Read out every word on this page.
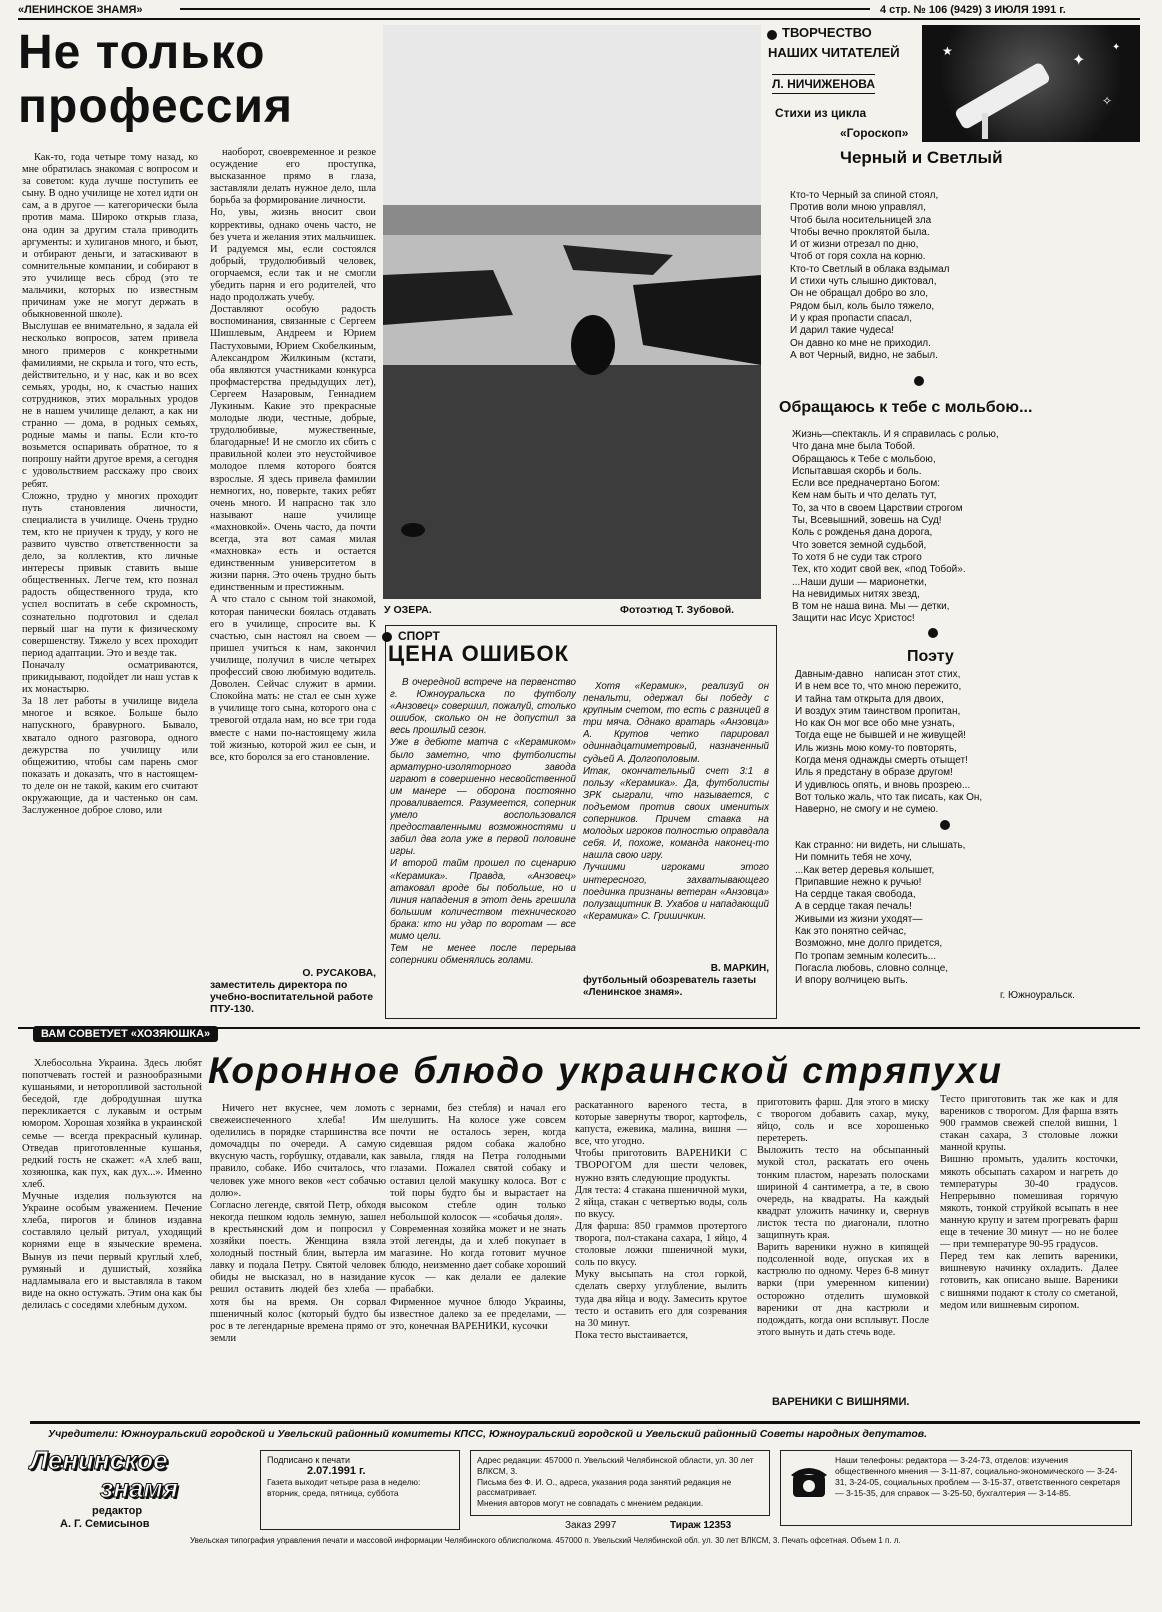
«ЛЕНИНСКОЕ ЗНАМЯ»	4 стр. № 106 (9429) 3 ИЮЛЯ 1991 г.
Не только профессия

Как-то, года четыре тому назад, ко мне обратилась знакомая с вопросом и за советом: куда лучше поступить ее сыну. В одно училище не хотел идти он сам, а в другое — категорически была против мама. Широко открыв глаза, она один за другим стала приводить аргументы: и хулиганов много, и бьют, и отбирают деньги, и затаскивают в сомнительные компании, и собирают в это училище весь сброд (это те мальчики, которых по известным причинам уже не могут держать в обыкновенной школе).
Выслушав ее внимательно, я задала ей несколько вопросов, затем привела много примеров с конкретными фамилиями, не скрыла и того, что есть, действительно, и у нас, как и во всех семьях, уроды, но, к счастью наших сотрудников, этих моральных уродов не в нашем училище делают, а как ни странно — дома, в родных семьях, родные мамы и папы. Если кто-то возьмется оспаривать обратное, то я попрошу найти другое время, а сегодня с удовольствием расскажу про своих ребят.
Сложно, трудно у многих проходит путь становления личности, специалиста в училище. Очень трудно тем, кто не приучен к труду, у кого не развито чувство ответственности за дело, за коллектив, кто личные интересы привык ставить выше общественных. Легче тем, кто познал радость общественного труда, кто успел воспитать в себе скромность, сознательно подготовил и сделал первый шаг на пути к физическому совершенству. Тяжело у всех проходит период адаптации. Это и везде так.
Поначалу осматриваются, прикидывают, подойдет ли наш устав к их монастырю.
За 18 лет работы в училище видела многое и всякое. Больше было напускного, бравурного. Бывало, хватало одного разговора, одного дежурства по училищу или общежитию, чтобы сам парень смог показать и доказать, что в настоящем-то деле он не такой, каким его считают окружающие, да и частенько он сам. Заслуженное доброе слово, или

наоборот, своевременное и резкое осуждение его проступка, высказанное прямо в глаза, заставляли делать нужное дело, шла борьба за формирование личности.
Но, увы, жизнь вносит свои коррективы, однако очень часто, не без учета и желания этих мальчишек. И радуемся мы, если состоялся добрый, трудолюбивый человек, огорчаемся, если так и не смогли убедить парня и его родителей, что надо продолжать учебу.
Доставляют особую радость воспоминания, связанные с Сергеем Шишлевым, Андреем и Юрием Пастуховыми, Юрием Скобелкиным, Александром Жилкиным (кстати, оба являются участниками конкурса профмастерства предыдущих лет), Сергеем Назаровым, Геннадием Лукиным. Какие это прекрасные молодые люди, честные, добрые, трудолюбивые, мужественные, благодарные! И не смогло их сбить с правильной колеи это неустойчивое молодое племя которого боятся взрослые. Я здесь привела фамилии немногих, но, поверьте, таких ребят очень много. И напрасно так зло называют наше училище «махновкой». Очень часто, да почти всегда, эта вот самая милая «махновка» есть и остается единственным университетом в жизни парня. Это очень трудно быть единственным и престижным.
А что стало с сыном той знакомой, которая панически боялась отдавать его в училище, спросите вы. К счастью, сын настоял на своем — пришел учиться к нам, закончил училище, получил в числе четырех профессий свою любимую водитель. Доволен. Сейчас служит в армии. Спокойна мать: не стал ее сын хуже в училище того сына, которого она с тревогой отдала нам, но все три года вместе с нами по-настоящему жила той жизнью, которой жил ее сын, и все, кто боролся за его становление.

О. РУСАКОВА,
заместитель директора по учебно-воспитательной работе ПТУ-130.
У ОЗЕРА.	Фотоэтюд Т. Зубовой.
СПОРТ
ЦЕНА ОШИБОК

В очередной встрече на первенство г. Южноуральска по футболу «Анзовец» совершил, пожалуй, столько ошибок, сколько он не допустил за весь прошлый сезон.
Уже в дебюте матча с «Керамиком» было заметно, что футболисты арматурно-изоляторного завода играют в совершенно несвойственной им манере — оборона постоянно проваливается. Разумеется, соперник умело воспользовался предоставленными возможностями и забил два гола уже в первой половине игры.
И второй тайм прошел по сценарию «Керамика». Правда, «Анзовец» атаковал вроде бы побольше, но и линия нападения в этот день грешила большим количеством технического брака: кто ни удар по воротам — все мимо цели.
Тем не менее после перерыва соперники обменялись голами.

Хотя «Керамик», реализуй он пенальти, одержал бы победу с крупным счетом, то есть с разницей в три мяча. Однако вратарь «Анзовца» А. Крутов четко парировал одиннадцатиметровый, назначенный судьей А. Долгополовым.
Итак, окончательный счет 3:1 в пользу «Керамика». Да, футболисты ЗРК сыграли, что называется, с подъемом против своих именитых соперников. Причем ставка на молодых игроков полностью оправдала себя. И, похоже, команда наконец-то нашла свою игру.
Лучшими игроками этого интересного, захватывающего поединка признаны ветеран «Анзовца» полузащитник В. Ухабов и нападающий «Керамика» С. Гришичкин.

В. МАРКИН,
футбольный обозреватель газеты «Ленинское знамя».
ТВОРЧЕСТВО
НАШИХ ЧИТАТЕЛЕЙ
Л. НИЧИЖЕНОВА
Стихи из цикла
«Гороскоп»
✦
✧
★	✦
Черный и Светлый
Кто-то Черный за спиной стоял,
Против воли мною управлял,
Чтоб была носительницей зла
Чтобы вечно проклятой была.
И от жизни отрезал по дню,
Чтоб от горя сохла на корню.
Кто-то Светлый в облака вздымал
И стихи чуть слышно диктовал,
Он не обращал добро во зло,
Рядом был, коль было тяжело,
И у края пропасти спасал,
И дарил такие чудеса!
Он давно ко мне не приходил.
А вот Черный, видно, не забыл.
Обращаюсь к тебе с мольбою...
Жизнь—спектакль. И я справилась с ролью,
Что дана мне была Тобой.
Обращаюсь к Тебе с мольбою,
Испытавшая скорбь и боль.
Если все предначертано Богом:
Кем нам быть и что делать тут,
То, за что в своем Царствии строгом
Ты, Всевышний, зовешь на Суд!
Коль с рожденья дана дорога,
Что зовется земной судьбой,
То хотя б не суди так строго
Тех, кто ходит свой век, «под Тобой».
...Наши души — марионетки,
На невидимых нитях звезд,
В том не наша вина. Мы — детки,
Защити нас Исус Христос!
Поэту
Давным-давно    написан этот стих,
И в нем все то, что мною пережито,
И тайна там открыта для двоих,
И воздух этим таинством пропитан,
Но как Он мог все обо мне узнать,
Тогда еще не бывшей и не живущей!
Иль жизнь мою кому-то повторять,
Когда меня однажды смерть отыщет!
Иль я предстану в образе другом!
И удивлюсь опять, и вновь прозрею...
Вот только жаль, что так писать, как Он,
Наверно, не смогу и не сумею.
Как странно: ни видеть, ни слышать,
Ни помнить тебя не хочу,
...Как ветер деревья колышет,
Припавшие нежно к ручью!
На сердце такая свобода,
А в сердце такая печаль!
Живыми из жизни уходят—
Как это понятно сейчас,
Возможно, мне долго придется,
По тропам земным колесить...
Погасла любовь, словно солнце,
И впору волчицею выть.
г. Южноуральск.
ВАМ СОВЕТУЕТ «ХОЗЯЮШКА»
Коронное блюдо украинской стряпухи

Хлебосольна Украина. Здесь любят попотчевать гостей и разнообразными кушаньями, и неторопливой застольной беседой, где добродушная шутка перекликается с лукавым и острым юмором. Хорошая хозяйка в украинской семье — всегда прекрасный кулинар. Отведав приготовленные кушанья, редкий гость не скажет: «А хлеб ваш, хозяюшка, как пух, как дух...». Именно хлеб.
Мучные изделия пользуются на Украине особым уважением. Печение хлеба, пирогов и блинов издавна составляло целый ритуал, уходящий корнями еще в языческие времена. Вынув из печи первый круглый хлеб, румяный и душистый, хозяйка надламывала его и выставляла в таком виде на окно остужать. Этим она как бы делилась с соседями хлебным духом.

Ничего нет вкуснее, чем ломоть свежеиспеченного хлеба! Им оделились в порядке старшинства все домочадцы по очереди. А самую вкусную часть, горбушку, отдавали, как правило, собаке. Ибо считалось, что человек уже много веков «ест собачью долю».
Согласно легенде, святой Петр, обходя некогда пешком юдоль земную, зашел в крестьянский дом и попросил у хозяйки поесть. Женщина взяла холодный постный блин, вытерла им лавку и подала Петру. Святой человек обиды не высказал, но в назидание решил оставить людей без хлеба — хотя бы на время. Он сорвал пшеничный колос (который будто бы рос в те легендарные времена прямо от земли

с зернами, без стебля) и начал его шелушить. На колосе уже совсем почти не осталось зерен, когда сидевшая рядом собака жалобно завыла, глядя на Петра голодными глазами. Пожалел святой собаку и оставил целой макушку колоса. Вот с той поры будто бы и вырастает на высоком стебле один только небольшой колосок — «собачья доля».
Современная хозяйка может и не знать этой легенды, да и хлеб покупает в магазине. Но когда готовит мучное блюдо, неизменно дает собаке хороший кусок — как делали ее далекие прабабки.
Фирменное мучное блюдо Украины, известное далеко за ее пределами, — это, конечная ВАРЕНИКИ, кусочки

раскатанного вареного теста, в которые завернуты творог, картофель, капуста, ежевика, малина, вишня — все, что угодно.
Чтобы приготовить ВАРЕНИКИ С ТВОРОГОМ для шести человек, нужно взять следующие продукты.
Для теста: 4 стакана пшеничной муки, 2 яйца, стакан с четвертью воды, соль по вкусу.
Для фарша: 850 граммов протертого творога, пол-стакана сахара, 1 яйцо, 4 столовые ложки пшеничной муки, соль по вкусу.
Муку высыпать на стол горкой, сделать сверху углубление, вылить туда два яйца и воду. Замесить крутое тесто и оставить его для созревания на 30 минут.
Пока тесто выстаивается,

приготовить фарш. Для этого в миску с творогом добавить сахар, муку, яйцо, соль и все хорошенько перетереть.
Выложить тесто на обсыпанный мукой стол, раскатать его очень тонким пластом, нарезать полосками шириной 4 сантиметра, а те, в свою очередь, на квадраты. На каждый квадрат уложить начинку и, свернув листок теста по диагонали, плотно защипнуть края.
Варить вареники нужно в кипящей подсоленной воде, опуская их в кастрюлю по одному. Через 6-8 минут варки (при умеренном кипении) осторожно отделить шумовкой вареники от дна кастрюли и подождать, когда они всплывут. После этого вынуть и дать стечь воде.

ВАРЕНИКИ С ВИШНЯМИ.

Тесто приготовить так же как и для вареников с творогом. Для фарша взять 900 граммов свежей спелой вишни, 1 стакан сахара, 3 столовые ложки манной крупы.
Вишню промыть, удалить косточки, мякоть обсыпать сахаром и нагреть до температуры 30-40 градусов. Непрерывно помешивая горячую мякоть, тонкой струйкой всыпать в нее манную крупу и затем прогревать фарш еще в течение 30 минут — но не более — при температуре 90-95 градусов.
Перед тем как лепить вареники, вишневую начинку охладить. Далее готовить, как описано выше. Вареники с вишнями подают к столу со сметаной, медом или вишневым сиропом.

Учредители: Южноуральский городской и Увельский районный комитеты КПСС, Южноуральский городской и Увельский районный Советы народных депутатов.
Ленинское
знамя
редактор
А. Г. Семисынов
Подписано к печати
2.07.1991 г.
Газета выходит четыре раза в неделю: вторник, среда, пятница, суббота
Адрес редакции: 457000 п. Увельский Челябинской области, ул. 30 лет ВЛКСМ, 3.
Письма без Ф. И. О., адреса, указания рода занятий редакция не рассматривает.
Мнения авторов могут не совпадать с мнением редакции.
Заказ 2997	Тираж 12353
Наши телефоны: редактора — 3-24-73, отделов: изучения общественного мнения — 3-11-87, социально-экономического — 3-24-31, 3-24-05, социальных проблем — 3-15-37, ответственного секретаря — 3-15-35, для справок — 3-25-50, бухгалтерия — 3-14-85.
Увельская типография управления печати и массовой информации Челябинского облисполкома. 457000 п. Увельский Челябинской обл. ул. 30 лет ВЛКСМ, 3. Печать офсетная. Объем 1 п. л.
